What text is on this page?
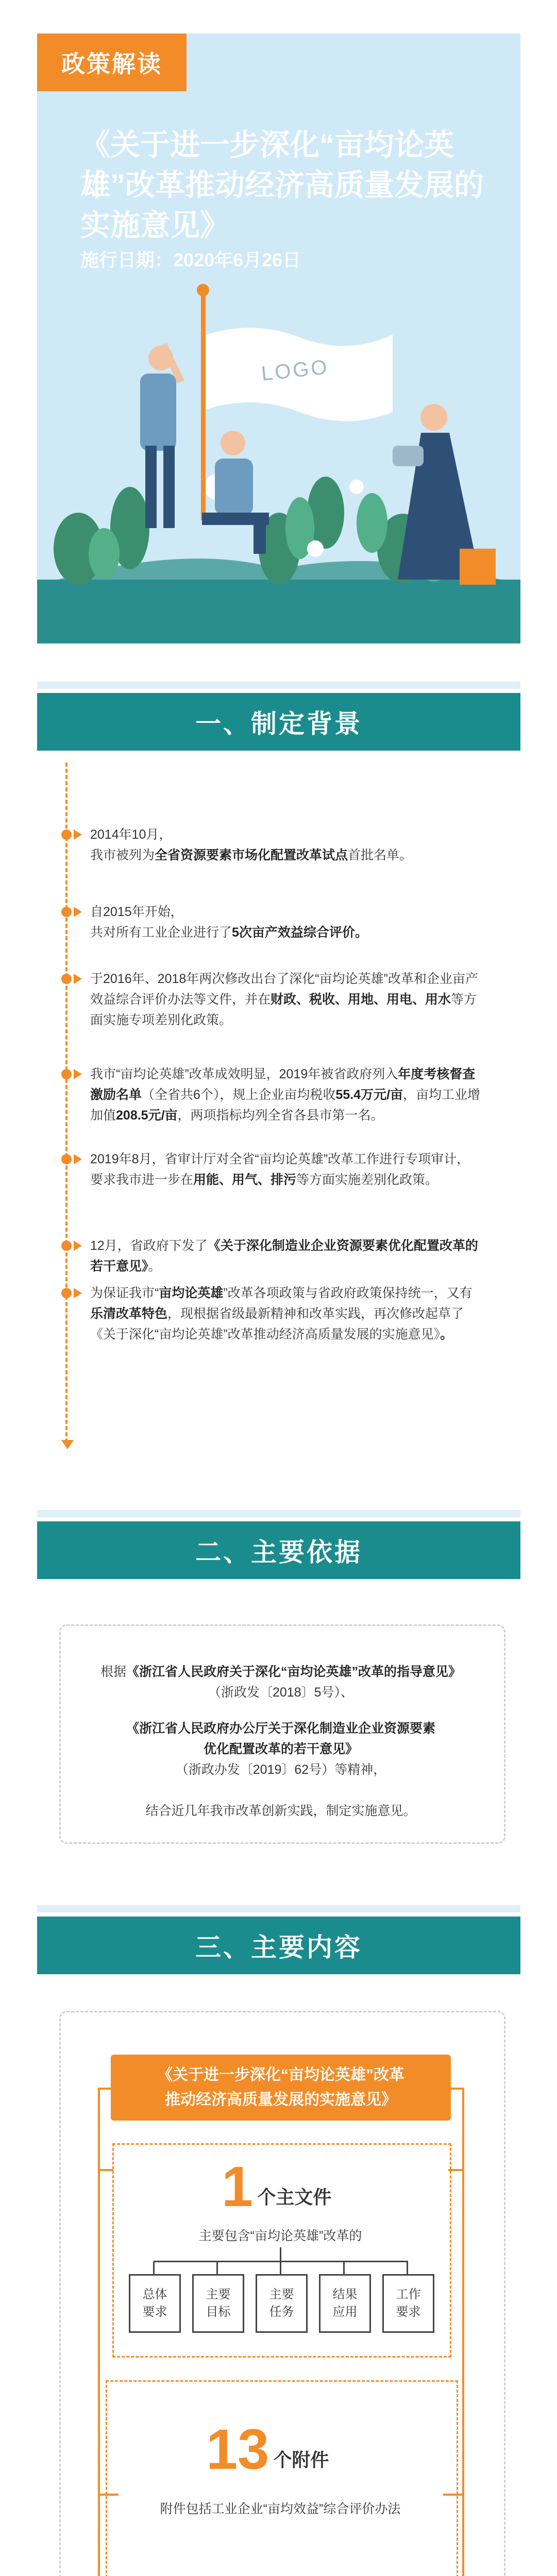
政策解读
《关于进一步深化“亩均论英雄”改革推动经济高质量发展的实施意见》
施行日期：2020年6月26日
LOGO
一、制定背景
2014年10月，
我市被列为全省资源要素市场化配置改革试点首批名单。
自2015年开始，
共对所有工业企业进行了5次亩产效益综合评价。
于2016年、2018年两次修改出台了深化“亩均论英雄”改革和企业亩产效益综合评价办法等文件，并在财政、税收、用地、用电、用水等方面实施专项差别化政策。
我市“亩均论英雄”改革成效明显，2019年被省政府列入年度考核督查激励名单（全省共6个），规上企业亩均税收55.4万元/亩，亩均工业增加值208.5元/亩，两项指标均列全省各县市第一名。
2019年8月，省审计厅对全省“亩均论英雄”改革工作进行专项审计，要求我市进一步在用能、用气、排污等方面实施差别化政策。
12月，省政府下发了《关于深化制造业企业资源要素优化配置改革的若干意见》。
为保证我市“亩均论英雄”改革各项政策与省政府政策保持统一，又有乐清改革特色，现根据省级最新精神和改革实践，再次修改起草了《关于深化“亩均论英雄”改革推动经济高质量发展的实施意见》。
二、主要依据
根据《浙江省人民政府关于深化“亩均论英雄”改革的指导意见》
（浙政发〔2018〕5号）、
《浙江省人民政府办公厅关于深化制造业企业资源要素
优化配置改革的若干意见》
（浙政办发〔2019〕62号）等精神，
结合近几年我市改革创新实践，制定实施意见。
三、主要内容
《关于进一步深化“亩均论英雄”改革
推动经济高质量发展的实施意见》
1 个主文件
主要包含“亩均论英雄”改革的
总体
要求
主要
目标
主要
任务
结果
应用
工作
要求
13 个附件
附件包括工业企业“亩均效益”综合评价办法
